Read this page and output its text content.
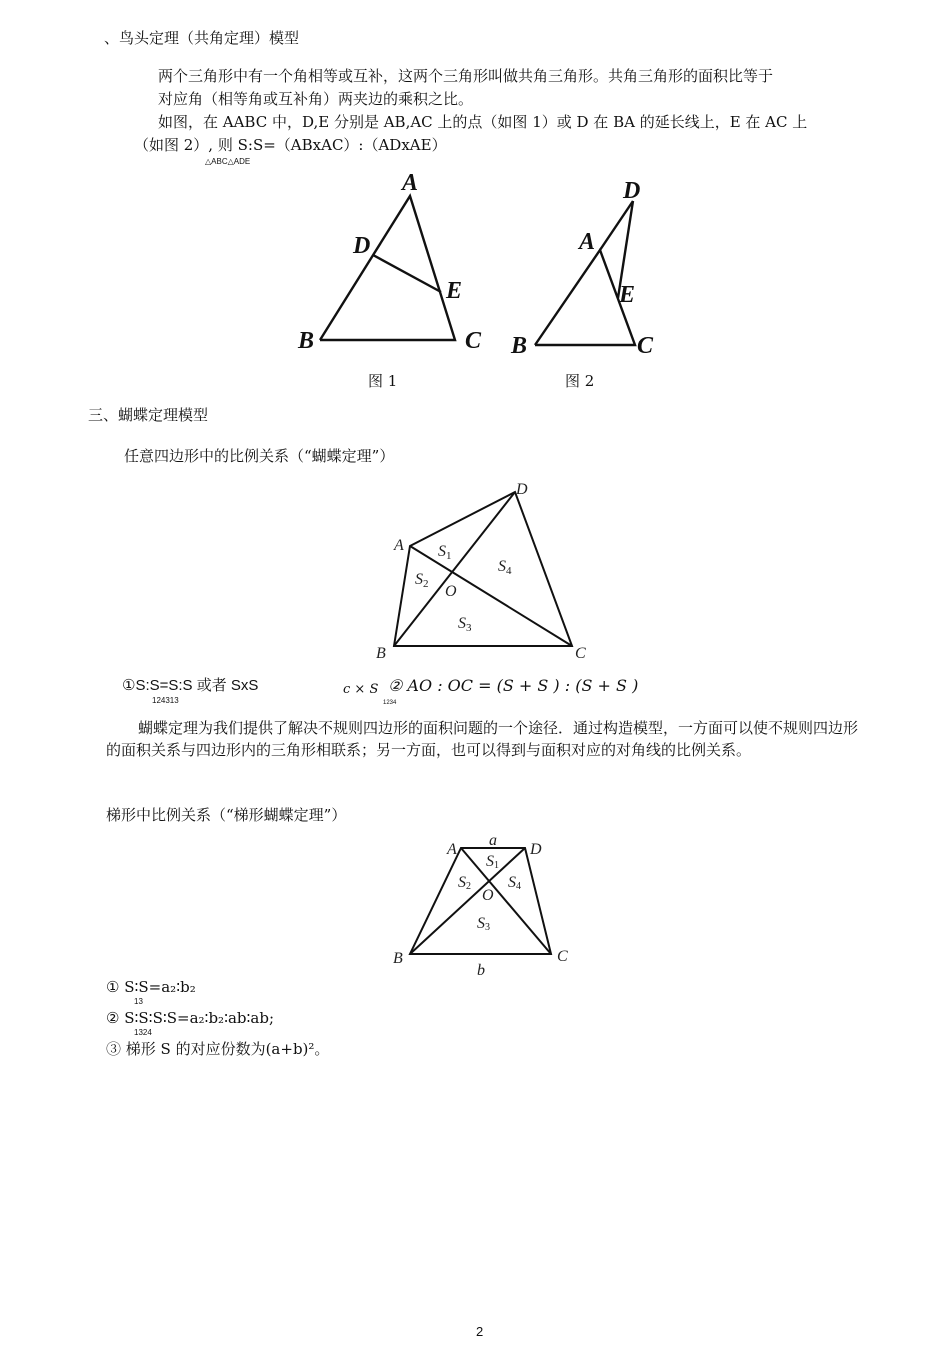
、鸟头定理（共角定理）模型
两个三角形中有一个角相等或互补，这两个三角形叫做共角三角形。共角三角形的面积比等于
对应角（相等角或互补角）两夹边的乘积之比。
如图，在 AABC 中，D,E 分别是 AB,AC 上的点（如图 1）或 D 在 BA 的延长线上，E 在 AC 上
（如图 2）, 则 S:S=（ABxAC）:（ADxAE）
△ABC△ADE
A
D
E
B	C
图 1
D
A
E
B	C
图 2
三、蝴蝶定理模型
任意四边形中的比例关系（“蝴蝶定理”）
A
D
B	C
O
S1
S2
S4
S3
①S:S=S:S 或者 SxS
124313
c × S ② AO : OC = (S + S ) : (S + S )
1234
蝴蝶定理为我们提供了解决不规则四边形的面积问题的一个途径．通过构造模型，一方面可以使不规则四边形的面积关系与四边形内的三角形相联系；另一方面，也可以得到与面积对应的对角线的比例关系。
梯形中比例关系（“梯形蝴蝶定理”）
a
A	D
O
B	C
b
S1
S2 S4
S3
① S∶S=a₂∶b₂
13
② S∶S∶S∶S=a₂∶b₂∶ab∶ab;
1324
③ 梯形 S 的对应份数为(a+b)²。
2
